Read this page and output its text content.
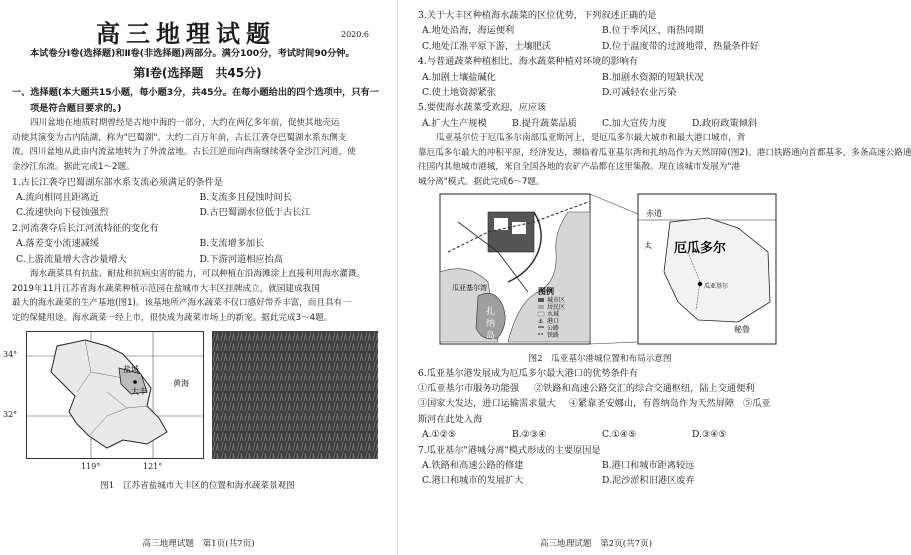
高三地理试题	2020.6
本试卷分Ⅰ卷(选择题)和Ⅱ卷(非选择题)两部分。满分100分，考试时间90分钟。
第Ⅰ卷(选择题　共45分)
一、选择题(本大题共15小题，每小题3分，共45分。在每小题给出的四个选项中，只有一
项是符合题目要求的。)
四川盆地在地质时期曾经是古地中海的一部分，大约在两亿多年前，促使其地壳运
动使其演变为古内陆湖，称为"巴蜀湖"。大约二百万年前，古长江袭夺巴蜀湖水系东侧支
流，四川盆地从此由内流盆地转为了外流盆地。古长江逆而向西南继续袭夺金沙江河道，使
金沙江东流。据此完成1～2题。
1.古长江袭夺巴蜀湖东部水系支流必须满足的条件是
A.流向相同且距离近	B.支流多且侵蚀时间长
C.流速快向下侵蚀强烈	D.古巴蜀湖水位低于古长江
2.河流袭夺后长江河流特征的变化有
A.落差变小流速减缓	B.支流增多加长
C.上游流量增大含沙量增大	D.下游河道相应抬高
海水蔬菜具有抗盐、耐盐和抗病虫害的能力，可以种植在沿海滩涂上直接利用海水灌溉。
2019年11月江苏省海水蔬菜种植示范园在盐城市大丰区挂牌成立，就园建成我国
最大的海水蔬菜的生产基地(图1)。该基地所产海水蔬菜不仅口感好带乔丰富，而且具有一
定的保健用途。海水蔬菜一经上市，很快成为蔬菜市场上的新宠。据此完成3～4题。
盐城
大丰
黄海
34°
32°
119°	121°
图1　江苏省盐城市大丰区的位置和海水蔬菜景观图
高三地理试题　第1页(共7页)
3.关于大丰区种植海水蔬菜的区位优势，下列叙述正确的是
A.地处沿海，海运便利	B.位于季风区，雨热同期
C.地处江淮平原下游，土壤肥沃	D.位于温度带的过渡地带，热量条件好
4.与普通蔬菜种植相比，海水蔬菜种植对环境的影响有
A.加剧土壤盐碱化	B.加剧水资源的短缺状况
C.使土地资源紧张	D.可减轻农业污染
5.要使海水蔬菜受欢迎，应应该
A.扩大生产规模	B.提升蔬菜品质	C.加大宣传力度	D.政府政策倾斜
瓜亚基尔位于厄瓜多尔南部瓜亚斯河上，是厄瓜多尔最大城市和最大港口城市，背
靠厄瓜多尔最大的冲积平原，经济发达，濒临着瓜亚基尔湾和扎纳岛作为天然屏障(图2)。港口铁路通向首都基多，多条高速公路通
往国内其他城市港城，来自全国各地的农矿产品都在这里集散。现在该城市发展为"港
城分离"模式。据此完成6～7题。
扎
纳
岛
瓜亚基尔湾	图例
城市区
居民区
水域
⚓ 港口
公路
铁路
赤道
太 厄瓜多尔
瓜亚基尔
秘鲁
图2　瓜亚基尔港城位置和布局示意图
6.瓜亚基尔港发展成为厄瓜多尔最大港口的优势条件有
①瓜亚基尔市服务功能强 ②铁路和高速公路交汇的综合交通枢纽，陆上交通便利
③国家大发达，进口运输需求量大 ④紧靠圣安娜山，有普纳岛作为天然屏障 ⑤瓜亚
斯河在此处入海
A.①②⑤	B.②③④	C.①④⑤	D.③④⑤
7.瓜亚基尔"港城分离"模式形成的主要原因是
A.铁路和高速公路的修建	B.港口和城市距离较远
C.港口和城市的发展扩大	D.泥沙淤积旧港区废弃
高三地理试题　第2页(共7页)
